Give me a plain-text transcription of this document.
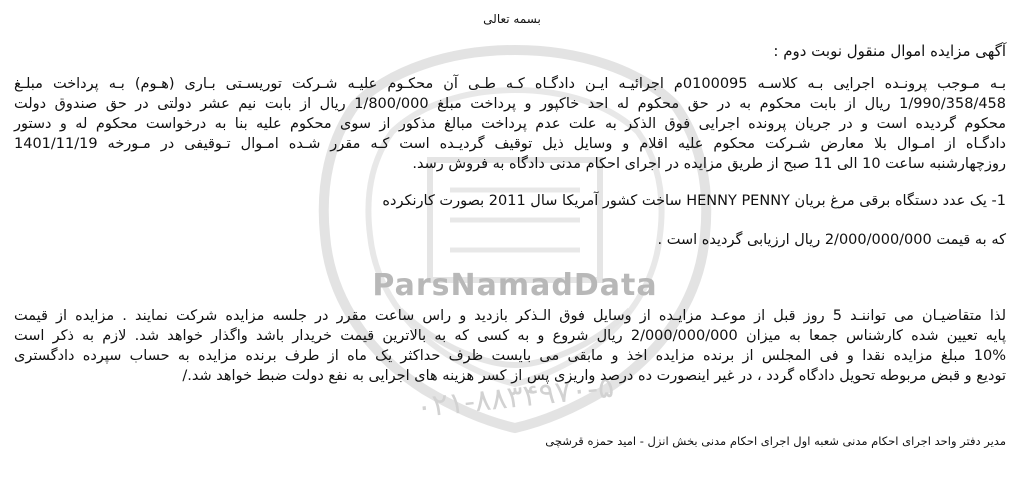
ParsNamadData
۰۲۱-۸۸۳۴۹۷۰-۵
بسمه تعالی
آگهی مزایده اموال منقول نوبت دوم :
بـه مـوجب پرونـده اجرایی بـه کلاسـه 0100095م اجرائیـه ایـن دادگـاه کـه طـی آن محکـوم علیـه شـرکت توریسـتی بـاری (هـوم) بـه پرداخت مبلـغ
1/990/358/458 ریال از بابت محکوم به در حق محکوم له احد خاکپور و پرداخت مبلغ 1/800/000 ریال از بابت نیم عشر دولتی در حق صندوق دولت
محکوم گردیده است و در جریان پرونده اجرایی فوق الذکر به علت عدم پرداخت مبالغ مذکور از سوی محکوم علیه بنا به درخواست محکوم له و دستور
دادگـاه از امـوال بلا معارض شـرکت محکوم علیه اقلام و وسایل ذیل توقیف گردیـده است کـه مقرر شـده امـوال تـوقیفی در مـورخه 1401/11/19
روزچهارشنبه ساعت 10 الی 11 صبح از طریق مزایده در اجرای احکام مدنی دادگاه به فروش رسد.
1- یک عدد دستگاه برقی مرغ بریان HENNY PENNY ساخت کشور آمریکا سال 2011 بصورت کارنکرده
که به قیمت 2/000/000/000 ریال ارزیابی گردیده است .
لذا متقاضیـان می تواننـد 5 روز قبل از موعـد مزایـده از وسایل فوق الـذکر بازدید و راس ساعت مقرر در جلسه مزایده شرکت نمایند . مزایده از قیمت
پایه تعیین شده کارشناس جمعا به میزان 2/000/000/000 ریال شروع و به کسی که به بالاترین قیمت خریدار باشد واگذار خواهد شد. لازم به ذکر است
10% مبلغ مزایده نقدا و فی المجلس از برنده مزایده اخذ و مابقی می بایست ظرف حداکثر یک ماه از طرف برنده مزایده به حساب سپرده دادگستری
تودیع و قبض مربوطه تحویل دادگاه گردد ، در غیر اینصورت ده درصد واریزی پس از کسر هزینه های اجرایی به نفع دولت ضبط خواهد شد./
مدیر دفتر واحد اجرای احکام مدنی شعبه اول اجرای احکام مدنی بخش انزل - امید حمزه قرشچی
